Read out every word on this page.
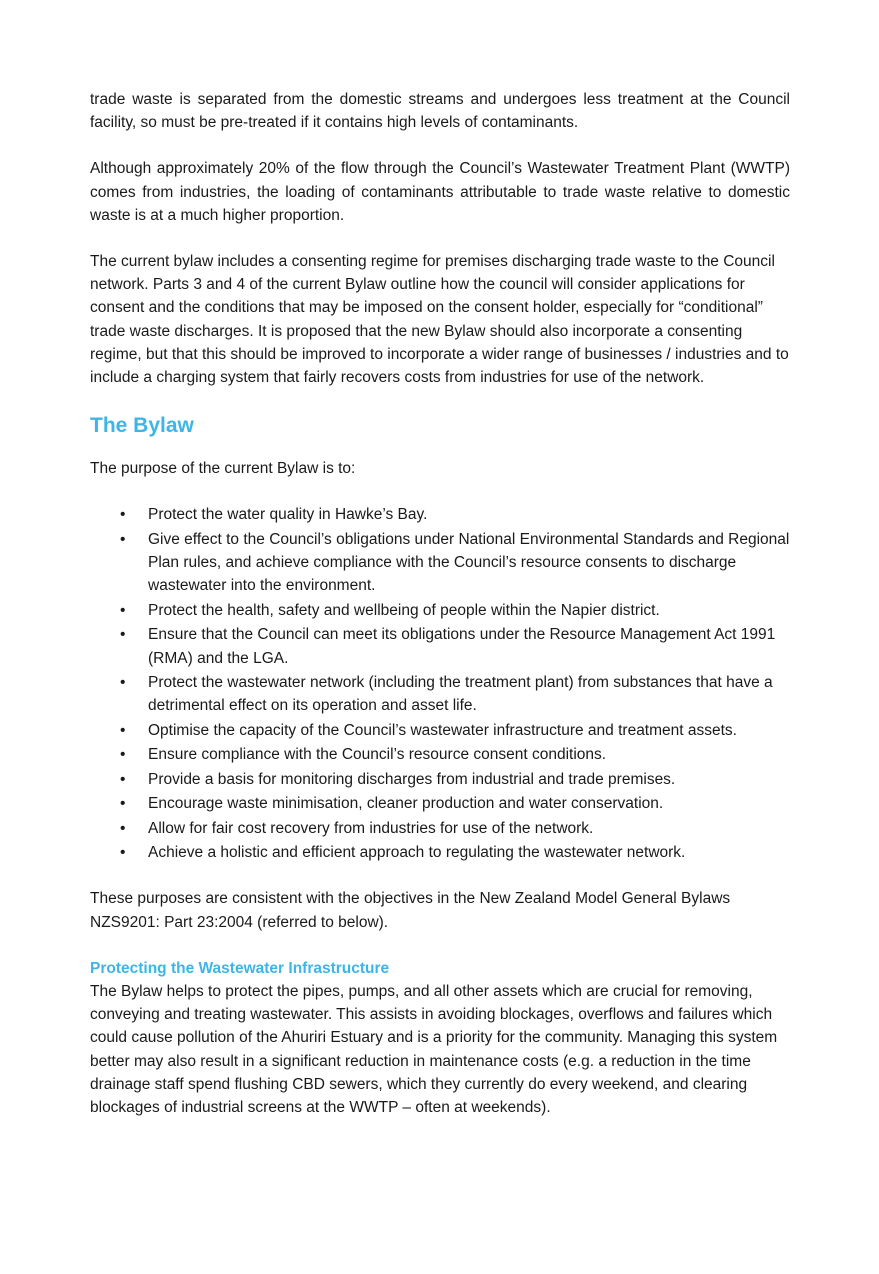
trade waste is separated from the domestic streams and undergoes less treatment at the Council facility, so must be pre-treated if it contains high levels of contaminants.

Although approximately 20% of the flow through the Council’s Wastewater Treatment Plant (WWTP) comes from industries, the loading of contaminants attributable to trade waste relative to domestic waste is at a much higher proportion.

The current bylaw includes a consenting regime for premises discharging trade waste to the Council network. Parts 3 and 4 of the current Bylaw outline how the council will consider applications for consent and the conditions that may be imposed on the consent holder, especially for “conditional” trade waste discharges. It is proposed that the new Bylaw should also incorporate a consenting regime, but that this should be improved to incorporate a wider range of businesses / industries and to include a charging system that fairly recovers costs from industries for use of the network.

The Bylaw

The purpose of the current Bylaw is to:

• Protect the water quality in Hawke’s Bay.
• Give effect to the Council’s obligations under National Environmental Standards and Regional Plan rules, and achieve compliance with the Council’s resource consents to discharge wastewater into the environment.
• Protect the health, safety and wellbeing of people within the Napier district.
• Ensure that the Council can meet its obligations under the Resource Management Act 1991 (RMA) and the LGA.
• Protect the wastewater network (including the treatment plant) from substances that have a detrimental effect on its operation and asset life.
• Optimise the capacity of the Council’s wastewater infrastructure and treatment assets.
• Ensure compliance with the Council’s resource consent conditions.
• Provide a basis for monitoring discharges from industrial and trade premises.
• Encourage waste minimisation, cleaner production and water conservation.
• Allow for fair cost recovery from industries for use of the network.
• Achieve a holistic and efficient approach to regulating the wastewater network.

These purposes are consistent with the objectives in the New Zealand Model General Bylaws NZS9201: Part 23:2004 (referred to below).

Protecting the Wastewater Infrastructure

The Bylaw helps to protect the pipes, pumps, and all other assets which are crucial for removing, conveying and treating wastewater. This assists in avoiding blockages, overflows and failures which could cause pollution of the Ahuriri Estuary and is a priority for the community. Managing this system better may also result in a significant reduction in maintenance costs (e.g. a reduction in the time drainage staff spend flushing CBD sewers, which they currently do every weekend, and clearing blockages of industrial screens at the WWTP – often at weekends).
